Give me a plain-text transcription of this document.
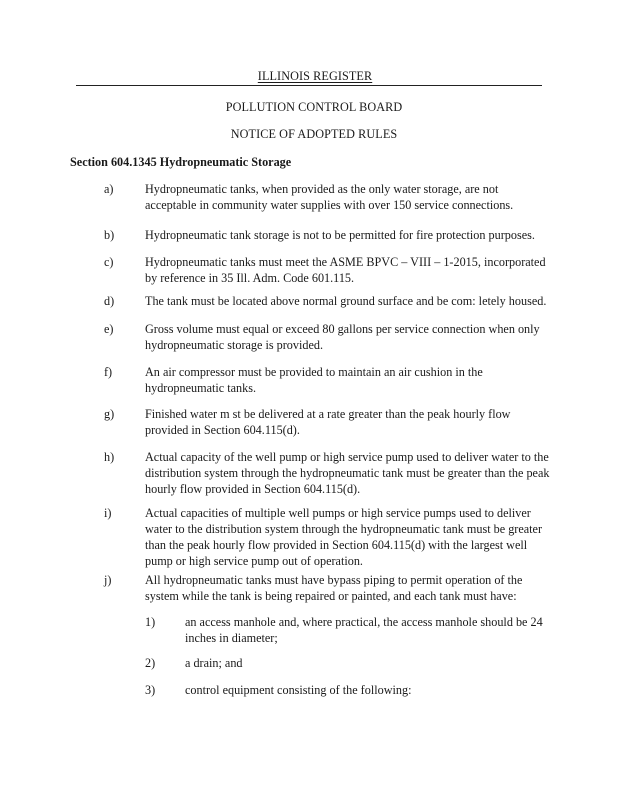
ILLINOIS REGISTER
POLLUTION CONTROL BOARD
NOTICE OF ADOPTED RULES
Section 604.1345 Hydropneumatic Storage
a)	Hydropneumatic tanks, when provided as the only water storage, are not acceptable in community water supplies with over 150 service connections.
b)	Hydropneumatic tank storage is not to be permitted for fire protection purposes.
c)	Hydropneumatic tanks must meet the ASME BPVC – VIII – 1-2015, incorporated by reference in 35 Ill. Adm. Code 601.115.
d)	The tank must be located above normal ground surface and be com: letely housed.
e)	Gross volume must equal or exceed 80 gallons per service connection when only hydropneumatic storage is provided.
f)	An air compressor must be provided to maintain an air cushion in the hydropneumatic tanks.
g)	Finished water m st be delivered at a rate greater than the peak hourly flow provided in Section 604.115(d).
h)	Actual capacity of the well pump or high service pump used to deliver water to the distribution system through the hydropneumatic tank must be greater than the peak hourly flow provided in Section 604.115(d).
i)	Actual capacities of multiple well pumps or high service pumps used to deliver water to the distribution system through the hydropneumatic tank must be greater than the peak hourly flow provided in Section 604.115(d) with the largest well pump or high service pump out of operation.
j)	All hydropneumatic tanks must have bypass piping to permit operation of the system while the tank is being repaired or painted, and each tank must have:
1) an access manhole and, where practical, the access manhole should be 24 inches in diameter;
2) a drain; and
3) control equipment consisting of the following:
